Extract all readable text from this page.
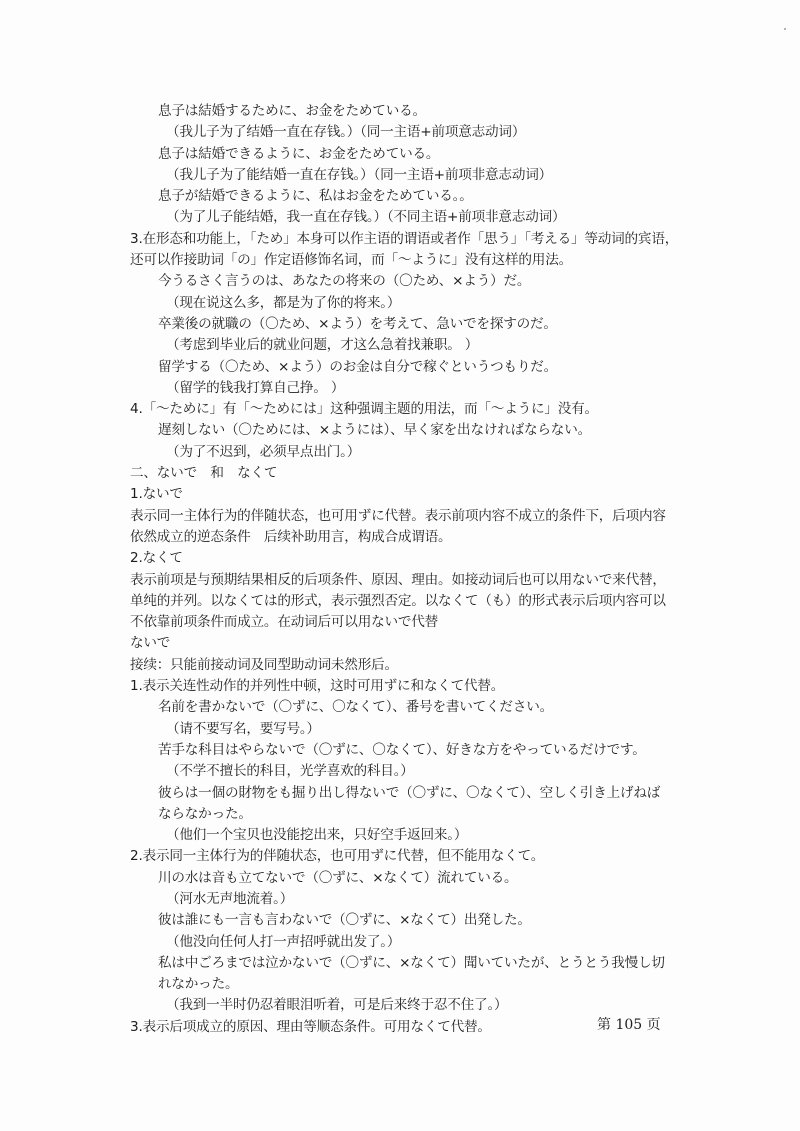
息子は結婚するために、お金をためている。
（我儿子为了结婚一直在存钱。）（同一主语+前项意志动词）
息子は結婚できるように、お金をためている。
（我儿子为了能结婚一直在存钱。）（同一主语+前项非意志动词）
息子が結婚できるように、私はお金をためている。。
（为了儿子能结婚，我一直在存钱。）（不同主语+前项非意志动词）
3.在形态和功能上，「ため」本身可以作主语的谓语或者作「思う」「考える」等动词的宾语，
还可以作接助词「の」作定语修饰名词，而「～ように」没有这样的用法。
今うるさく言うのは、あなたの将来の（〇ため、×よう）だ。
（现在说这么多，都是为了你的将来。）
卒業後の就職の（〇ため、×よう）を考えて、急いでを探すのだ。
（考虑到毕业后的就业问题，才这么急着找兼职。 ）
留学する（〇ため、×よう）のお金は自分で稼ぐというつもりだ。
（留学的钱我打算自己挣。 ）
4.「～ために」有「～ためには」这种强调主题的用法，而「～ように」没有。
遅刻しない（〇ためには、×ようには）、早く家を出なければならない。
（为了不迟到，必须早点出门。）
二、ないで　和　なくて
1.ないで
表示同一主体行为的伴随状态，也可用ずに代替。表示前项内容不成立的条件下，后项内容
依然成立的逆态条件　后续补助用言，构成合成谓语。
2.なくて
表示前项是与预期结果相反的后项条件、原因、理由。如接动词后也可以用ないで来代替，
单纯的并列。以なくては的形式，表示强烈否定。以なくて（も）的形式表示后项内容可以
不依靠前项条件而成立。在动词后可以用ないで代替
ないで
接续：只能前接动词及同型助动词未然形后。
1.表示关连性动作的并列性中顿，这时可用ずに和なくて代替。
名前を書かないで（〇ずに、〇なくて）、番号を書いてください。
（请不要写名，要写号。）
苦手な科目はやらないで（〇ずに、〇なくて）、好きな方をやっているだけです。
（不学不擅长的科目，光学喜欢的科目。）
彼らは一個の財物をも掘り出し得ないで（〇ずに、〇なくて）、空しく引き上げねば
ならなかった。
（他们一个宝贝也没能挖出来，只好空手返回来。）
2.表示同一主体行为的伴随状态，也可用ずに代替，但不能用なくて。
川の水は音も立てないで（〇ずに、×なくて）流れている。
（河水无声地流着。）
彼は誰にも一言も言わないで（〇ずに、×なくて）出発した。
（他没向任何人打一声招呼就出发了。）
私は中ごろまでは泣かないで（〇ずに、×なくて）聞いていたが、とうとう我慢し切
れなかった。
（我到一半时仍忍着眼泪听着，可是后来终于忍不住了。）
3.表示后项成立的原因、理由等顺态条件。可用なくて代替。	第 105 页
